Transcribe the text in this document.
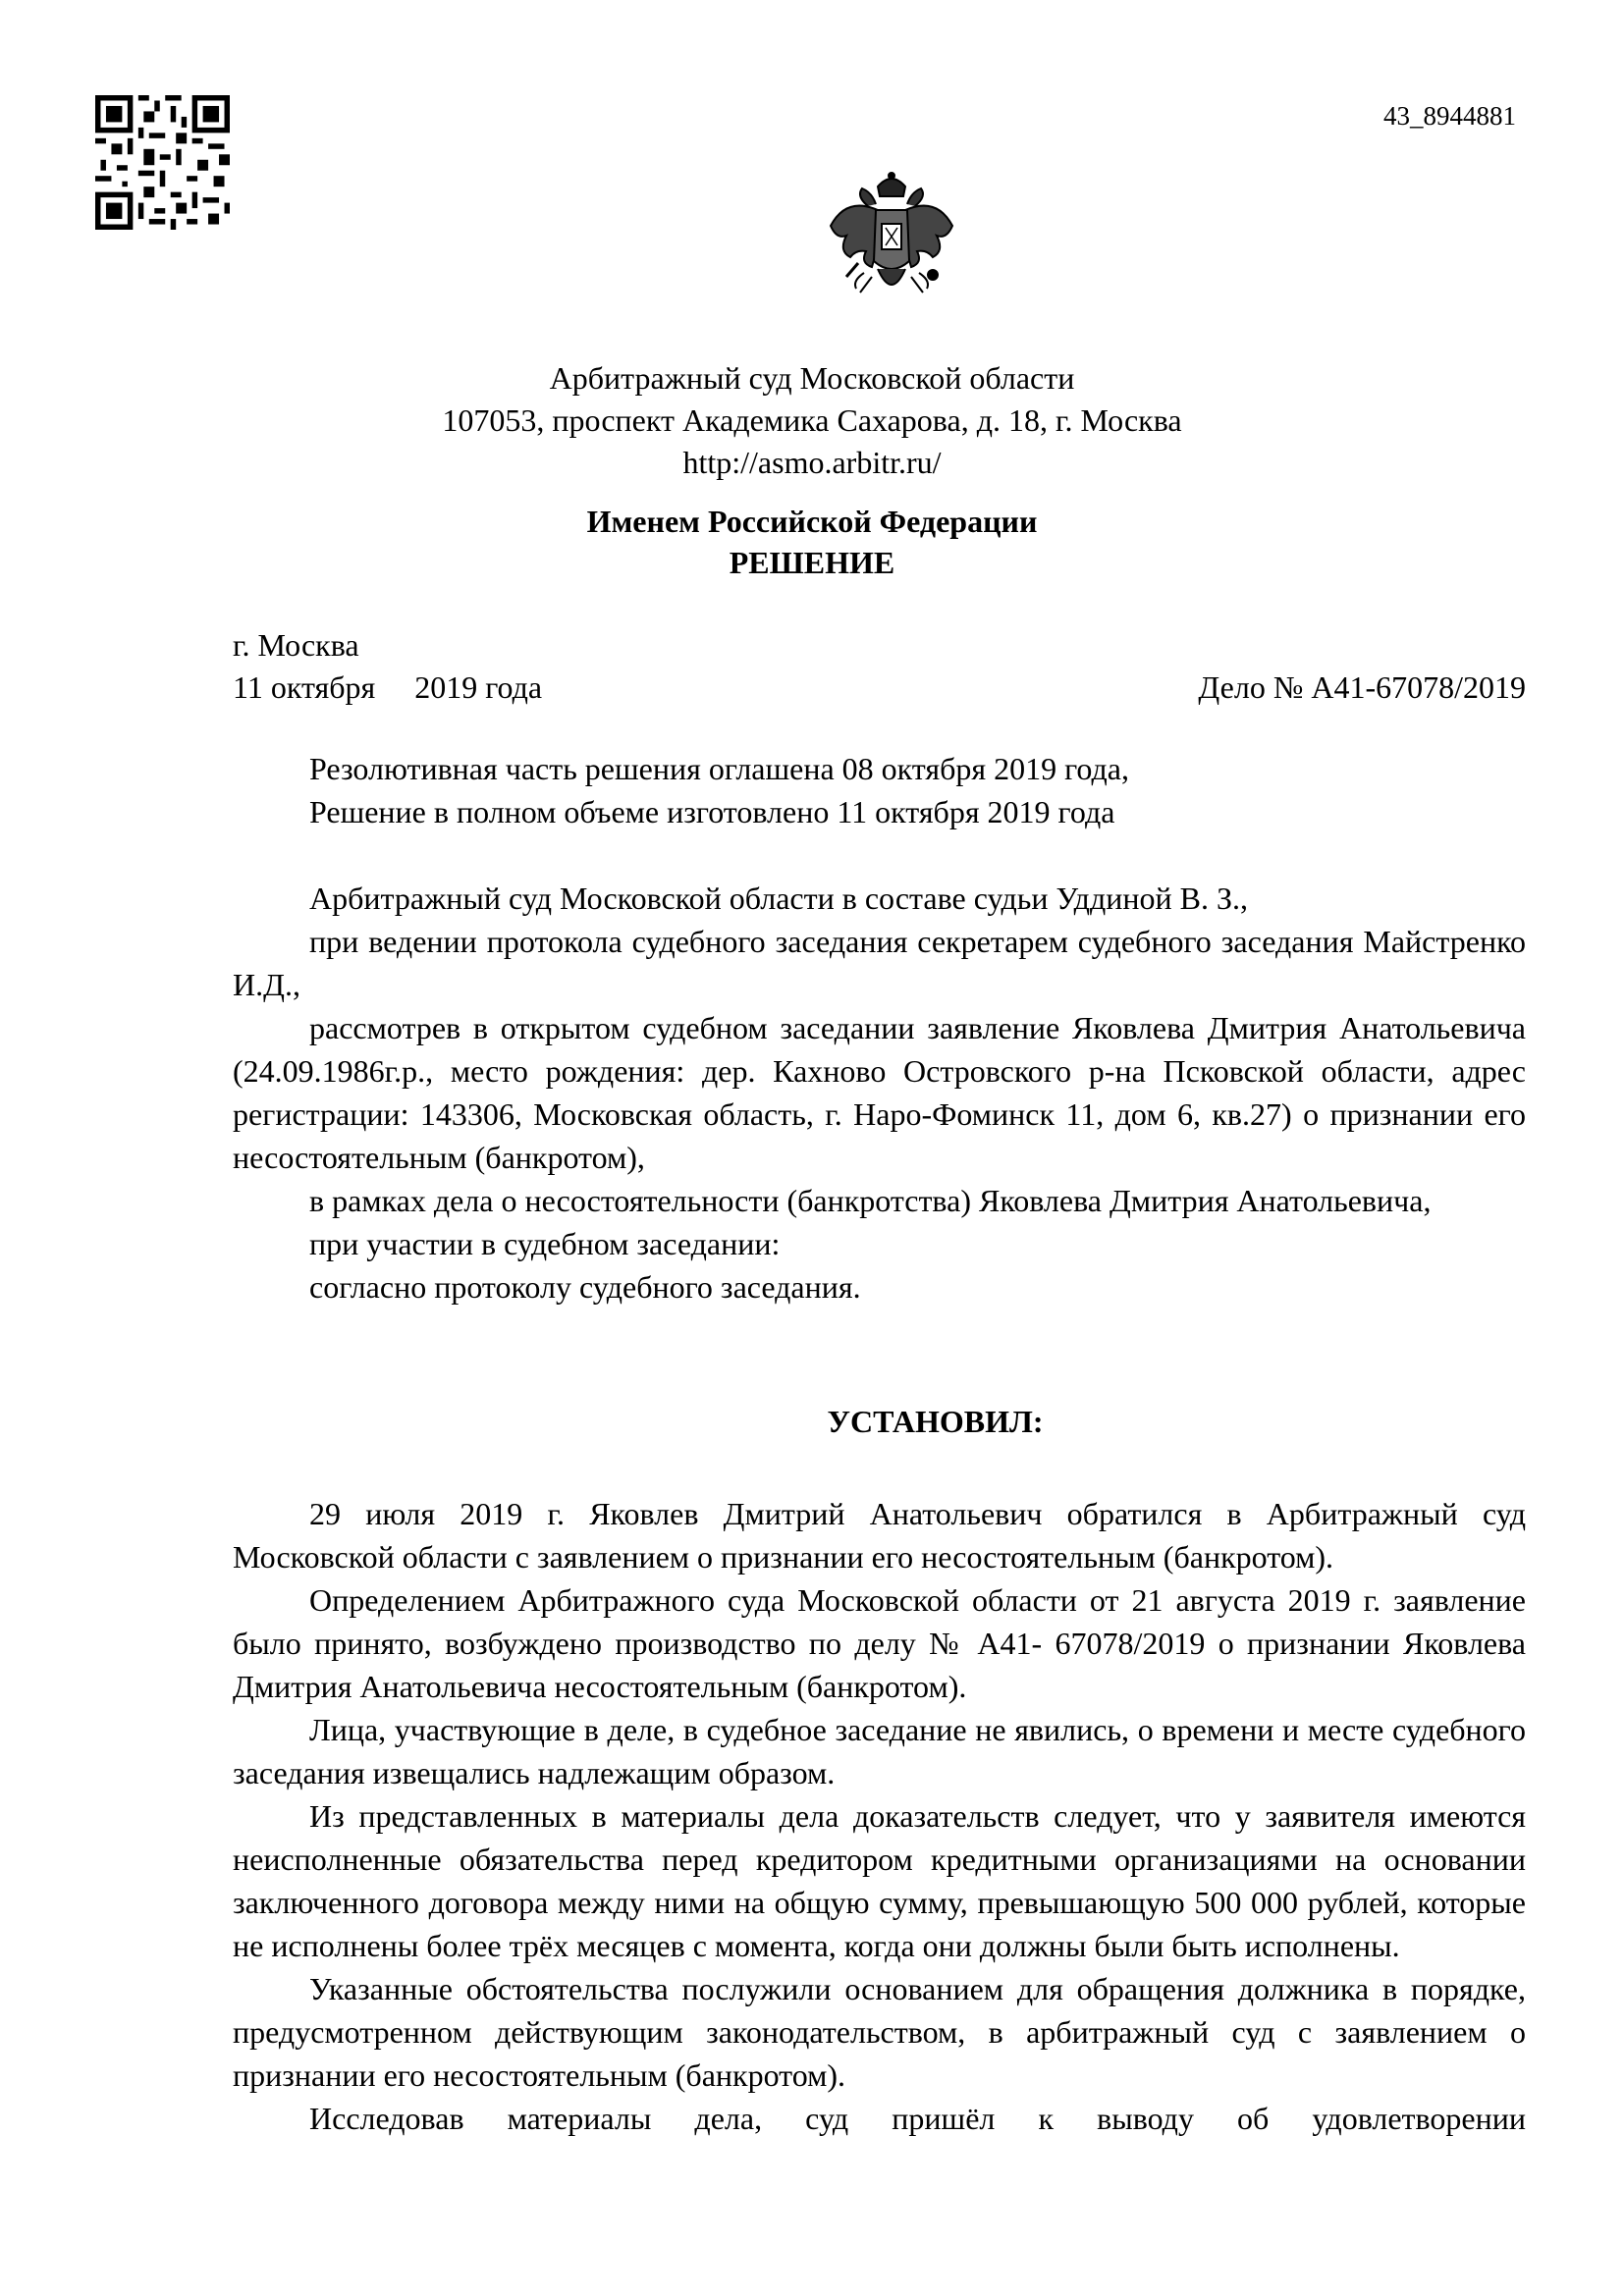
43_8944881
Арбитражный суд Московской области
107053, проспект Академика Сахарова, д. 18, г. Москва
http://asmo.arbitr.ru/
Именем Российской Федерации
РЕШЕНИЕ
г. Москва
11 октября     2019 года	Дело № А41-67078/2019

Резолютивная часть решения оглашена 08 октября 2019 года,

Решение в полном объеме изготовлено 11 октября 2019 года

Арбитражный суд Московской области в составе судьи Уддиной В. З.,

при ведении протокола судебного заседания секретарем судебного заседания Майстренко И.Д.,

рассмотрев в открытом судебном заседании заявление Яковлева Дмитрия Анатольевича (24.09.1986г.р., место рождения: дер. Кахново Островского р-на Псковской области, адрес регистрации: 143306, Московская область, г. Наро-Фоминск 11, дом 6, кв.27) о признании его несостоятельным (банкротом),

в рамках дела о несостоятельности (банкротства) Яковлева Дмитрия Анатольевича,

при участии в судебном заседании:

согласно протоколу судебного заседания.

УСТАНОВИЛ:

29 июля 2019 г. Яковлев Дмитрий Анатольевич обратился в Арбитражный суд Московской области с заявлением о признании его несостоятельным (банкротом).

Определением Арбитражного суда Московской области от 21 августа 2019 г. заявление было принято, возбуждено производство по делу № А41- 67078/2019 о признании Яковлева Дмитрия Анатольевича несостоятельным (банкротом).

Лица, участвующие в деле, в судебное заседание не явились, о времени и месте судебного заседания извещались надлежащим образом.

Из представленных в материалы дела доказательств следует, что у заявителя имеются неисполненные обязательства перед кредитором кредитными организациями на основании заключенного договора между ними на общую сумму, превышающую 500 000 рублей, которые не исполнены более трёх месяцев с момента, когда они должны были быть исполнены.

Указанные обстоятельства послужили основанием для обращения должника в порядке, предусмотренном действующим законодательством, в арбитражный суд с заявлением о признании его несостоятельным (банкротом).

Исследовав материалы дела, суд пришёл к выводу об удовлетворении
